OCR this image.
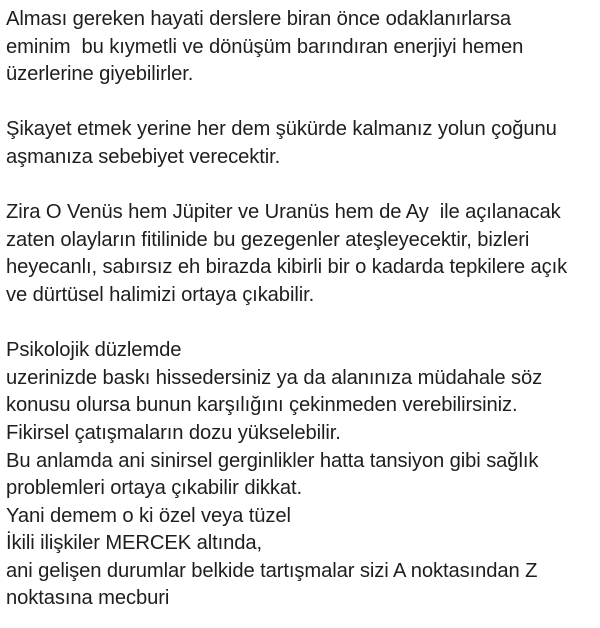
Alması gereken hayati derslere biran önce odaklanırlarsa
eminim  bu kıymetli ve dönüşüm barındıran enerjiyi hemen
üzerlerine giyebilirler.

Şikayet etmek yerine her dem şükürde kalmanız yolun çoğunu
aşmanıza sebebiyet verecektir.

Zira O Venüs hem Jüpiter ve Uranüs hem de Ay  ile açılanacak
zaten olayların fitilinide bu gezegenler ateşleyecektir, bizleri
heyecanlı, sabırsız eh birazda kibirli bir o kadarda tepkilere açık
ve dürtüsel halimizi ortaya çıkabilir.

Psikolojik düzlemde
uzerinizde baskı hissedersiniz ya da alanınıza müdahale söz
konusu olursa bunun karşılığını çekinmeden verebilirsiniz.
Fikirsel çatışmaların dozu yükselebilir.
Bu anlamda ani sinirsel gerginlikler hatta tansiyon gibi sağlık
problemleri ortaya çıkabilir dikkat.
Yani demem o ki özel veya tüzel
İkili ilişkiler MERCEK altında,
ani gelişen durumlar belkide tartışmalar sizi A noktasından Z
noktasına mecburi
